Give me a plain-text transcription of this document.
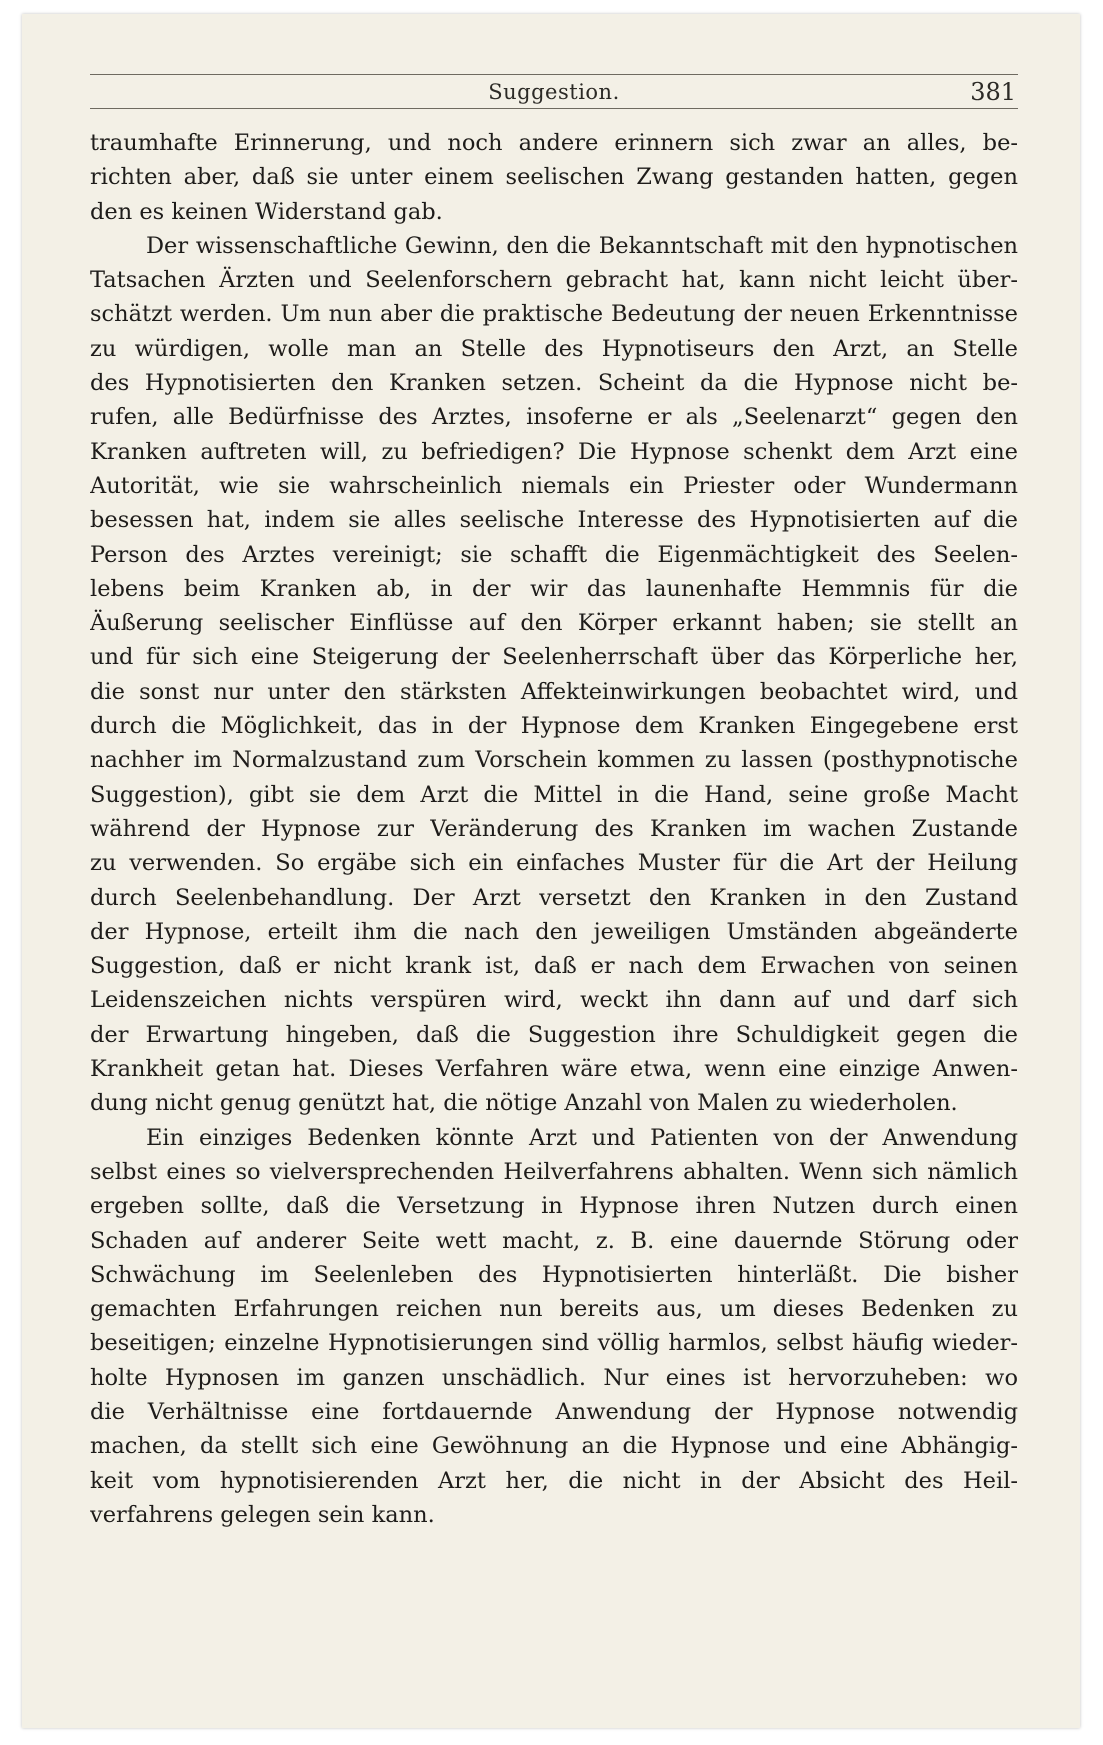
Suggestion.	381
traumhafte Erinnerung, und noch andere erinnern sich zwar an alles, be-
richten aber, daß sie unter einem seelischen Zwang gestanden hatten, gegen
den es keinen Widerstand gab.
Der wissenschaftliche Gewinn, den die Bekanntschaft mit den hypnotischen
Tatsachen Ärzten und Seelenforschern gebracht hat, kann nicht leicht über-
schätzt werden. Um nun aber die praktische Bedeutung der neuen Erkenntnisse
zu würdigen, wolle man an Stelle des Hypnotiseurs den Arzt, an Stelle
des Hypnotisierten den Kranken setzen. Scheint da die Hypnose nicht be-
rufen, alle Bedürfnisse des Arztes, insoferne er als „Seelenarzt“ gegen den
Kranken auftreten will, zu befriedigen? Die Hypnose schenkt dem Arzt eine
Autorität, wie sie wahrscheinlich niemals ein Priester oder Wundermann
besessen hat, indem sie alles seelische Interesse des Hypnotisierten auf die
Person des Arztes vereinigt; sie schafft die Eigenmächtigkeit des Seelen-
lebens beim Kranken ab, in der wir das launenhafte Hemmnis für die
Äußerung seelischer Einflüsse auf den Körper erkannt haben; sie stellt an
und für sich eine Steigerung der Seelenherrschaft über das Körperliche her,
die sonst nur unter den stärksten Affekteinwirkungen beobachtet wird, und
durch die Möglichkeit, das in der Hypnose dem Kranken Eingegebene erst
nachher im Normalzustand zum Vorschein kommen zu lassen (posthypnotische
Suggestion), gibt sie dem Arzt die Mittel in die Hand, seine große Macht
während der Hypnose zur Veränderung des Kranken im wachen Zustande
zu verwenden. So ergäbe sich ein einfaches Muster für die Art der Heilung
durch Seelenbehandlung. Der Arzt versetzt den Kranken in den Zustand
der Hypnose, erteilt ihm die nach den jeweiligen Umständen abgeänderte
Suggestion, daß er nicht krank ist, daß er nach dem Erwachen von seinen
Leidenszeichen nichts verspüren wird, weckt ihn dann auf und darf sich
der Erwartung hingeben, daß die Suggestion ihre Schuldigkeit gegen die
Krankheit getan hat. Dieses Verfahren wäre etwa, wenn eine einzige Anwen-
dung nicht genug genützt hat, die nötige Anzahl von Malen zu wiederholen.
Ein einziges Bedenken könnte Arzt und Patienten von der Anwendung
selbst eines so vielversprechenden Heilverfahrens abhalten. Wenn sich nämlich
ergeben sollte, daß die Versetzung in Hypnose ihren Nutzen durch einen
Schaden auf anderer Seite wett macht, z. B. eine dauernde Störung oder
Schwächung im Seelenleben des Hypnotisierten hinterläßt. Die bisher
gemachten Erfahrungen reichen nun bereits aus, um dieses Bedenken zu
beseitigen; einzelne Hypnotisierungen sind völlig harmlos, selbst häufig wieder-
holte Hypnosen im ganzen unschädlich. Nur eines ist hervorzuheben: wo
die Verhältnisse eine fortdauernde Anwendung der Hypnose notwendig
machen, da stellt sich eine Gewöhnung an die Hypnose und eine Abhängig-
keit vom hypnotisierenden Arzt her, die nicht in der Absicht des Heil-
verfahrens gelegen sein kann.
